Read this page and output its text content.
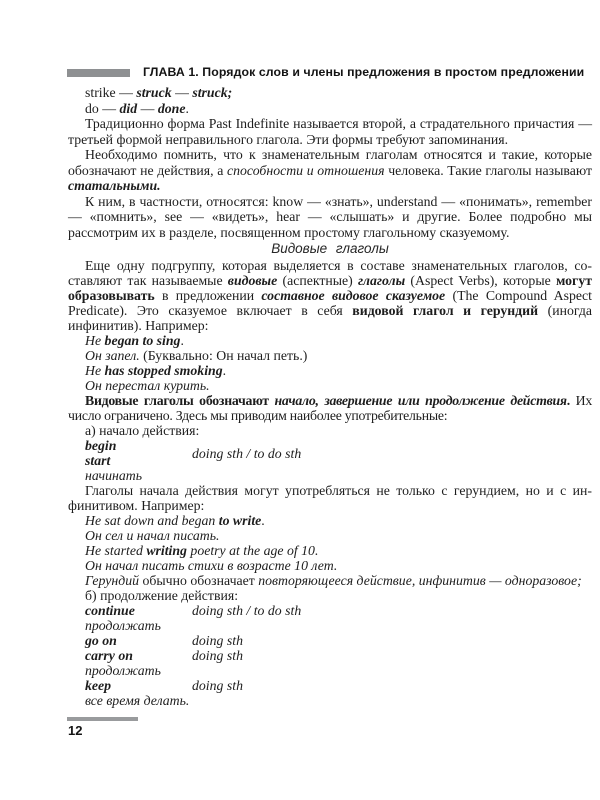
ГЛАВА 1. Порядок слов и члены предложения в простом предложении

strike — struck — struck;

do — did — done.

Традиционно форма Past Indefinite называется второй, а страдательного причастия — третьей формой неправильного глагола. Эти формы требуют запоминания.

Необходимо помнить, что к знаменательным глаголам относятся и такие, которые обозначают не действия, а способности и отношения человека. Такие глаголы называют статальными.

К ним, в частности, относятся: know — «знать», understand — «понимать», remember — «помнить», see — «видеть», hear — «слышать» и другие. Более подробно мы рассмотрим их в разделе, посвященном простому глагольному сказуемому.

Видовые глаголы

Еще одну подгруппу, которая выделяется в составе знаменательных глаголов, составляют так называемые видовые (аспектные) глаголы (Aspect Verbs), которые могут образовывать в предложении составное видовое сказуемое (The Compound Aspect Predicate). Это сказуемое включает в себя видовой глагол и герундий (иногда инфинитив). Например:

He began to sing.

Он запел. (Буквально: Он начал петь.)

He has stopped smoking.

Он перестал курить.

Видовые глаголы обозначают начало, завершение или продолжение действия. Их число ограничено. Здесь мы приводим наиболее употребительные:

а) начало действия:

begin
start	doing sth / to do sth

начинать

Глаголы начала действия могут употребляться не только с герундием, но и с инфинитивом. Например:

He sat down and began to write.

Он сел и начал писать.

He started writing poetry at the age of 10.

Он начал писать стихи в возрасте 10 лет.

Герундий обычно обозначает повторяющееся действие, инфинитив — одноразовое;

б) продолжение действия:

continue	doing sth / to do sth

продолжать

go on	doing sth
carry on	doing sth

продолжать

keep	doing sth

все время делать.

12
